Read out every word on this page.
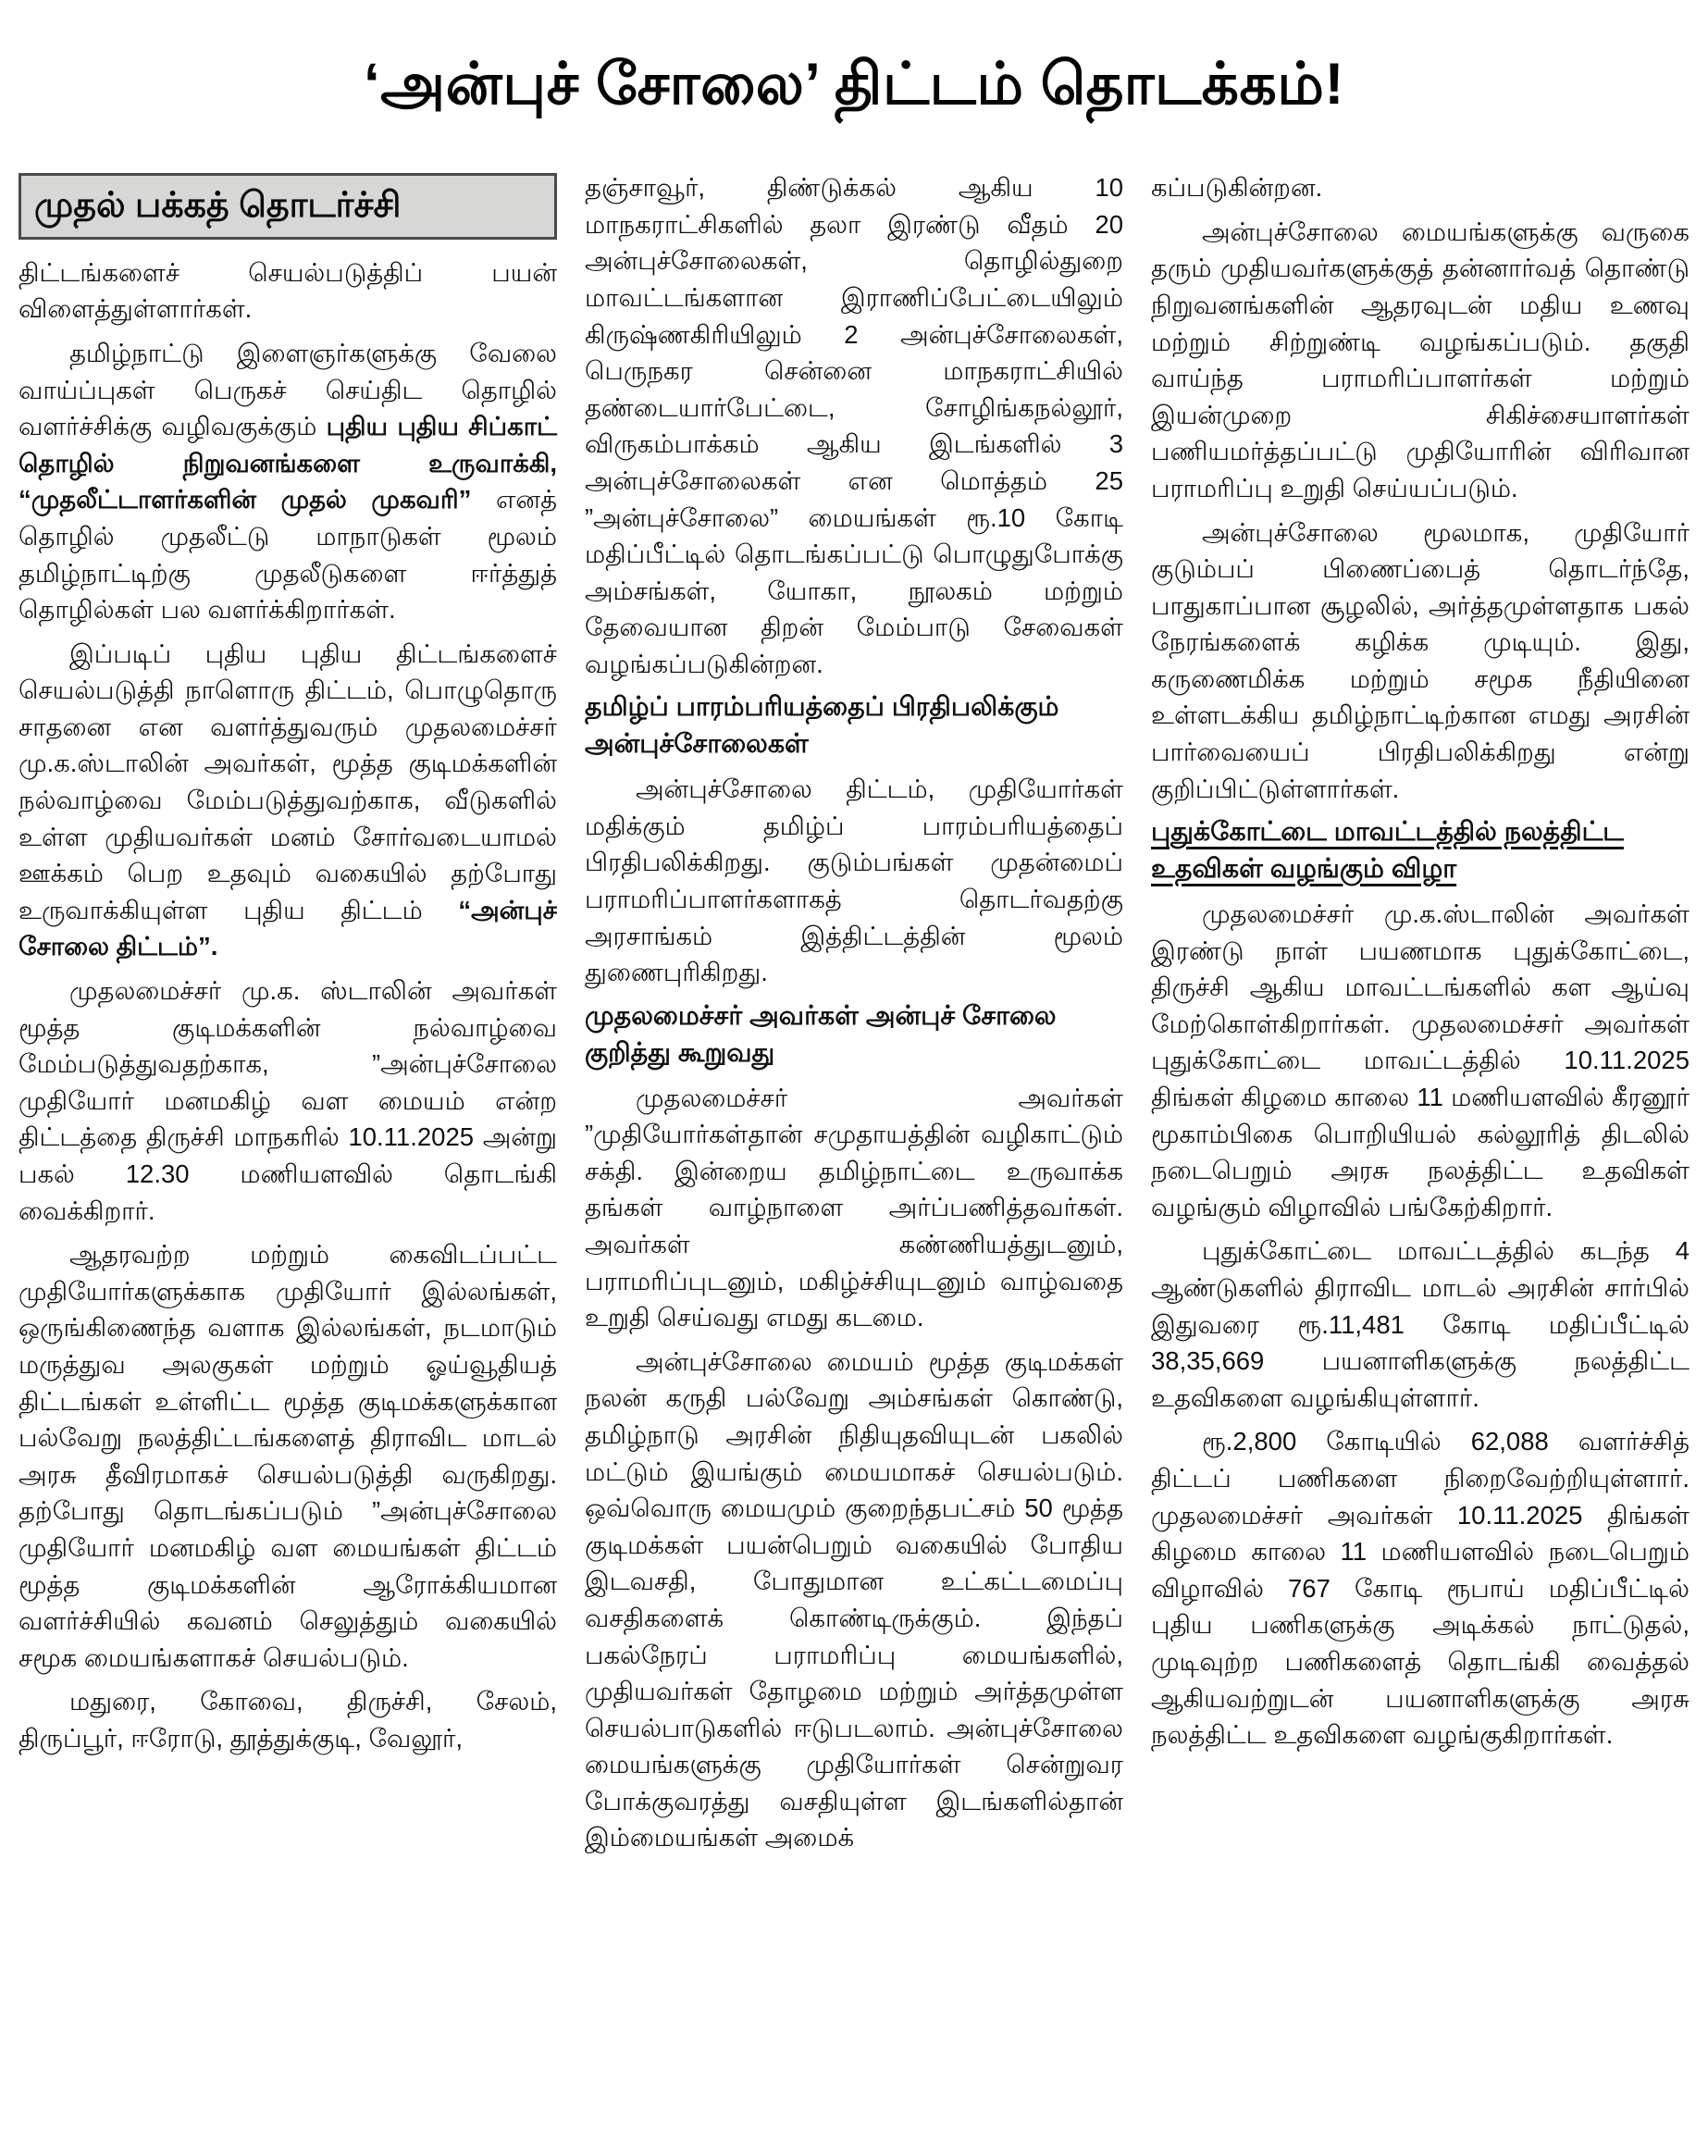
‘அன்புச் சோலை’ திட்டம் தொடக்கம்!
முதல் பக்கத் தொடர்ச்சி

திட்டங்களைச் செயல்படுத்திப் பயன் விளைத்துள்ளார்கள்.

தமிழ்நாட்டு இளைஞர்களுக்கு வேலை வாய்ப்புகள் பெருகச் செய்திட தொழில் வளர்ச்சிக்கு வழிவகுக்கும் புதிய புதிய சிப்காட் தொழில் நிறுவனங்களை உருவாக்கி, “முதலீட்டாளர்களின் முதல் முகவரி” எனத் தொழில் முதலீட்டு மாநாடுகள் மூலம் தமிழ்நாட்டிற்கு முதலீடுகளை ஈர்த்துத் தொழில்கள் பல வளர்க்கிறார்கள்.

இப்படிப் புதிய புதிய திட்டங்களைச் செயல்படுத்தி நாளொரு திட்டம், பொழுதொரு சாதனை என வளர்த்துவரும் முதலமைச்சர் மு.க.ஸ்டாலின் அவர்கள், மூத்த குடிமக்களின் நல்வாழ்வை மேம்படுத்துவற்காக, வீடுகளில் உள்ள முதியவர்கள் மனம் சோர்வடையாமல் ஊக்கம் பெற உதவும் வகையில் தற்போது உருவாக்கியுள்ள புதிய திட்டம் “அன்புச் சோலை திட்டம்”.

முதலமைச்சர் மு.க. ஸ்டாலின் அவர்கள் மூத்த குடிமக்களின் நல்வாழ்வை மேம்படுத்துவதற்காக, ”அன்புச்சோலை முதியோர் மனமகிழ் வள மையம் என்ற திட்டத்தை திருச்சி மாநகரில் 10.11.2025 அன்று பகல் 12.30 மணியளவில் தொடங்கி வைக்கிறார்.

ஆதரவற்ற மற்றும் கைவிடப்பட்ட முதியோர்களுக்காக முதியோர் இல்லங்கள், ஒருங்கிணைந்த வளாக இல்லங்கள், நடமாடும் மருத்துவ அலகுகள் மற்றும் ஓய்வூதியத் திட்டங்கள் உள்ளிட்ட மூத்த குடிமக்களுக்கான பல்வேறு நலத்திட்டங்களைத் திராவிட மாடல் அரசு தீவிரமாகச் செயல்படுத்தி வருகிறது. தற்போது தொடங்கப்படும் ”அன்புச்சோலை முதியோர் மனமகிழ் வள மையங்கள் திட்டம் மூத்த குடிமக்களின் ஆரோக்கியமான வளர்ச்சியில் கவனம் செலுத்தும் வகையில் சமூக மையங்களாகச் செயல்படும்.

மதுரை, கோவை, திருச்சி, சேலம், திருப்பூர், ஈரோடு, தூத்துக்குடி, வேலூர்,

தஞ்சாவூர், திண்டுக்கல் ஆகிய 10 மாநகராட்சிகளில் தலா இரண்டு வீதம் 20 அன்புச்சோலைகள், தொழில்துறை மாவட்டங்களான இராணிப்பேட்டையிலும் கிருஷ்ணகிரியிலும் 2 அன்புச்சோலைகள், பெருநகர சென்னை மாநகராட்சியில் தண்டையார்பேட்டை, சோழிங்கநல்லூர், விருகம்பாக்கம் ஆகிய இடங்களில் 3 அன்புச்சோலைகள் என மொத்தம் 25 ”அன்புச்சோலை” மையங்கள் ரூ.10 கோடி மதிப்பீட்டில் தொடங்கப்பட்டு பொழுதுபோக்கு அம்சங்கள், யோகா, நூலகம் மற்றும் தேவையான திறன் மேம்பாடு சேவைகள் வழங்கப்படுகின்றன.

தமிழ்ப் பாரம்பரியத்தைப் பிரதிபலிக்கும் அன்புச்சோலைகள்

அன்புச்சோலை திட்டம், முதியோர்கள் மதிக்கும் தமிழ்ப் பாரம்பரியத்தைப் பிரதிபலிக்கிறது. குடும்பங்கள் முதன்மைப் பராமரிப்பாளர்களாகத் தொடர்வதற்கு அரசாங்கம் இத்திட்டத்தின் மூலம் துணைபுரிகிறது.

முதலமைச்சர் அவர்கள் அன்புச் சோலை குறித்து கூறுவது

முதலமைச்சர் அவர்கள் ”முதியோர்கள்தான் சமுதாயத்தின் வழிகாட்டும் சக்தி. இன்றைய தமிழ்நாட்டை உருவாக்க தங்கள் வாழ்நாளை அர்ப்பணித்தவர்கள். அவர்கள் கண்ணியத்துடனும், பராமரிப்புடனும், மகிழ்ச்சியுடனும் வாழ்வதை உறுதி செய்வது எமது கடமை.

அன்புச்சோலை மையம் மூத்த குடிமக்கள் நலன் கருதி பல்வேறு அம்சங்கள் கொண்டு, தமிழ்நாடு அரசின் நிதியுதவியுடன் பகலில் மட்டும் இயங்கும் மையமாகச் செயல்படும். ஒவ்வொரு மையமும் குறைந்தபட்சம் 50 மூத்த குடிமக்கள் பயன்பெறும் வகையில் போதிய இடவசதி, போதுமான உட்கட்டமைப்பு வசதிகளைக் கொண்டிருக்கும். இந்தப் பகல்நேரப் பராமரிப்பு மையங்களில், முதியவர்கள் தோழமை மற்றும் அர்த்தமுள்ள செயல்பாடுகளில் ஈடுபடலாம். அன்புச்சோலை மையங்களுக்கு முதியோர்கள் சென்றுவர போக்குவரத்து வசதியுள்ள இடங்களில்தான் இம்மையங்கள் அமைக்

கப்படுகின்றன.

அன்புச்சோலை மையங்களுக்கு வருகை தரும் முதியவர்களுக்குத் தன்னார்வத் தொண்டு நிறுவனங்களின் ஆதரவுடன் மதிய உணவு மற்றும் சிற்றுண்டி வழங்கப்படும். தகுதி வாய்ந்த பராமரிப்பாளர்கள் மற்றும் இயன்முறை சிகிச்சையாளர்கள் பணியமர்த்தப்பட்டு முதியோரின் விரிவான பராமரிப்பு உறுதி செய்யப்படும்.

அன்புச்சோலை மூலமாக, முதியோர் குடும்பப் பிணைப்பைத் தொடர்ந்தே, பாதுகாப்பான சூழலில், அர்த்தமுள்ளதாக பகல் நேரங்களைக் கழிக்க முடியும். இது, கருணைமிக்க மற்றும் சமூக நீதியினை உள்ளடக்கிய தமிழ்நாட்டிற்கான எமது அரசின் பார்வையைப் பிரதிபலிக்கிறது என்று குறிப்பிட்டுள்ளார்கள்.

புதுக்கோட்டை மாவட்டத்தில் நலத்திட்ட உதவிகள் வழங்கும் விழா

முதலமைச்சர் மு.க.ஸ்டாலின் அவர்கள் இரண்டு நாள் பயணமாக புதுக்கோட்டை, திருச்சி ஆகிய மாவட்டங்களில் கள ஆய்வு மேற்கொள்கிறார்கள். முதலமைச்சர் அவர்கள் புதுக்கோட்டை மாவட்டத்தில் 10.11.2025 திங்கள் கிழமை காலை 11 மணியளவில் கீரனூர் மூகாம்பிகை பொறியியல் கல்லூரித் திடலில் நடைபெறும் அரசு நலத்திட்ட உதவிகள் வழங்கும் விழாவில் பங்கேற்கிறார்.

புதுக்கோட்டை மாவட்டத்தில் கடந்த 4 ஆண்டுகளில் திராவிட மாடல் அரசின் சார்பில் இதுவரை ரூ.11,481 கோடி மதிப்பீட்டில் 38,35,669 பயனாளிகளுக்கு நலத்திட்ட உதவிகளை வழங்கியுள்ளார்.

ரூ.2,800 கோடியில் 62,088 வளர்ச்சித் திட்டப் பணிகளை நிறைவேற்றியுள்ளார். முதலமைச்சர் அவர்கள் 10.11.2025 திங்கள் கிழமை காலை 11 மணியளவில் நடைபெறும் விழாவில் 767 கோடி ரூபாய் மதிப்பீட்டில் புதிய பணிகளுக்கு அடிக்கல் நாட்டுதல், முடிவுற்ற பணிகளைத் தொடங்கி வைத்தல் ஆகியவற்றுடன் பயனாளிகளுக்கு அரசு நலத்திட்ட உதவிகளை வழங்குகிறார்கள்.
